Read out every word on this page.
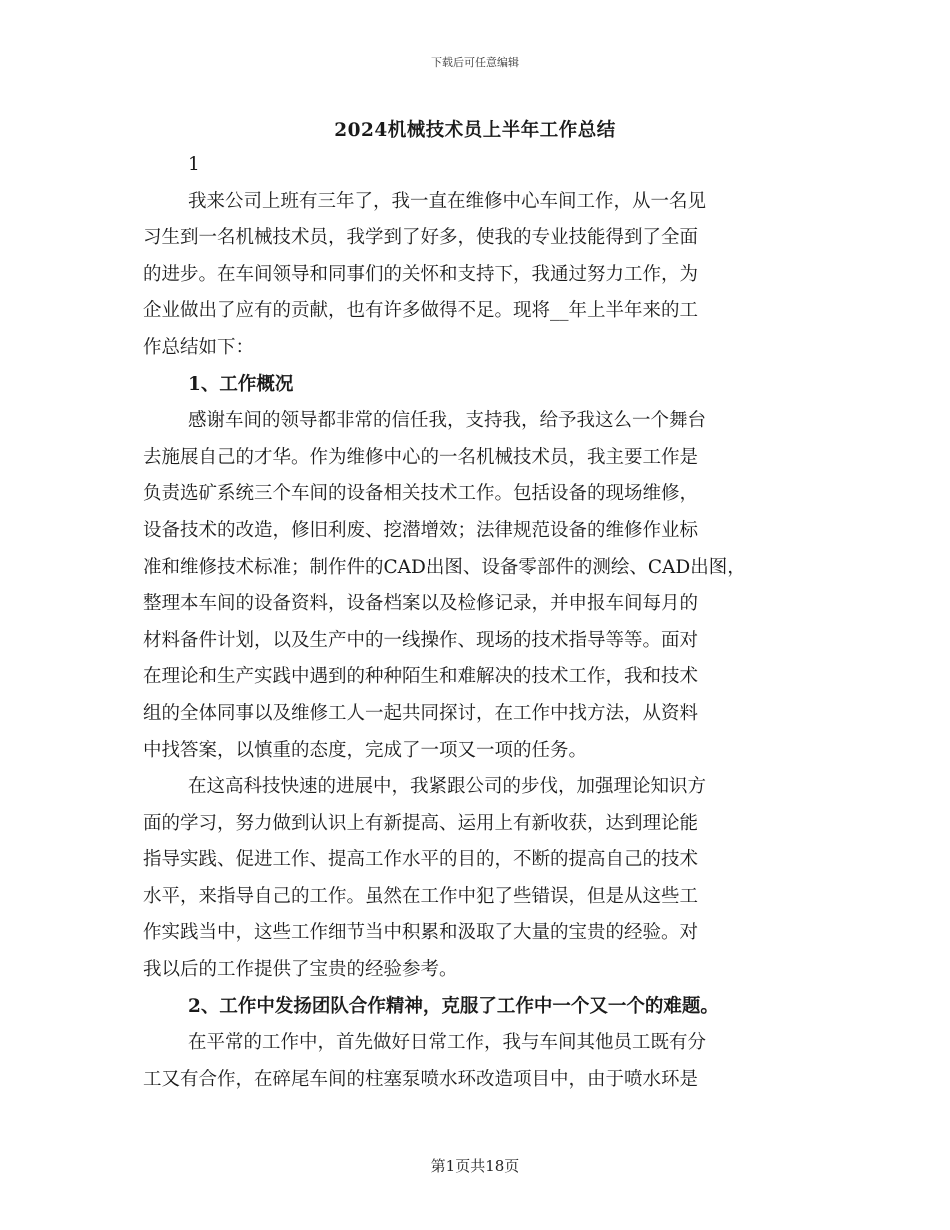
下载后可任意编辑
2024机械技术员上半年工作总结
1
我来公司上班有三年了，我一直在维修中心车间工作，从一名见
习生到一名机械技术员，我学到了好多，使我的专业技能得到了全面
的进步。在车间领导和同事们的关怀和支持下，我通过努力工作，为
企业做出了应有的贡献，也有许多做得不足。现将__年上半年来的工
作总结如下：
1、工作概况
感谢车间的领导都非常的信任我，支持我，给予我这么一个舞台
去施展自己的才华。作为维修中心的一名机械技术员，我主要工作是
负责选矿系统三个车间的设备相关技术工作。包括设备的现场维修，
设备技术的改造，修旧利废、挖潜增效；法律规范设备的维修作业标
准和维修技术标准；制作件的CAD出图、设备零部件的测绘、CAD出图，
整理本车间的设备资料，设备档案以及检修记录，并申报车间每月的
材料备件计划，以及生产中的一线操作、现场的技术指导等等。面对
在理论和生产实践中遇到的种种陌生和难解决的技术工作，我和技术
组的全体同事以及维修工人一起共同探讨，在工作中找方法，从资料
中找答案，以慎重的态度，完成了一项又一项的任务。
在这高科技快速的进展中，我紧跟公司的步伐，加强理论知识方
面的学习，努力做到认识上有新提高、运用上有新收获，达到理论能
指导实践、促进工作、提高工作水平的目的，不断的提高自己的技术
水平，来指导自己的工作。虽然在工作中犯了些错误，但是从这些工
作实践当中，这些工作细节当中积累和汲取了大量的宝贵的经验。对
我以后的工作提供了宝贵的经验参考。
2、工作中发扬团队合作精神，克服了工作中一个又一个的难题。
在平常的工作中，首先做好日常工作，我与车间其他员工既有分
工又有合作，在碎尾车间的柱塞泵喷水环改造项目中，由于喷水环是
第1页共18页
